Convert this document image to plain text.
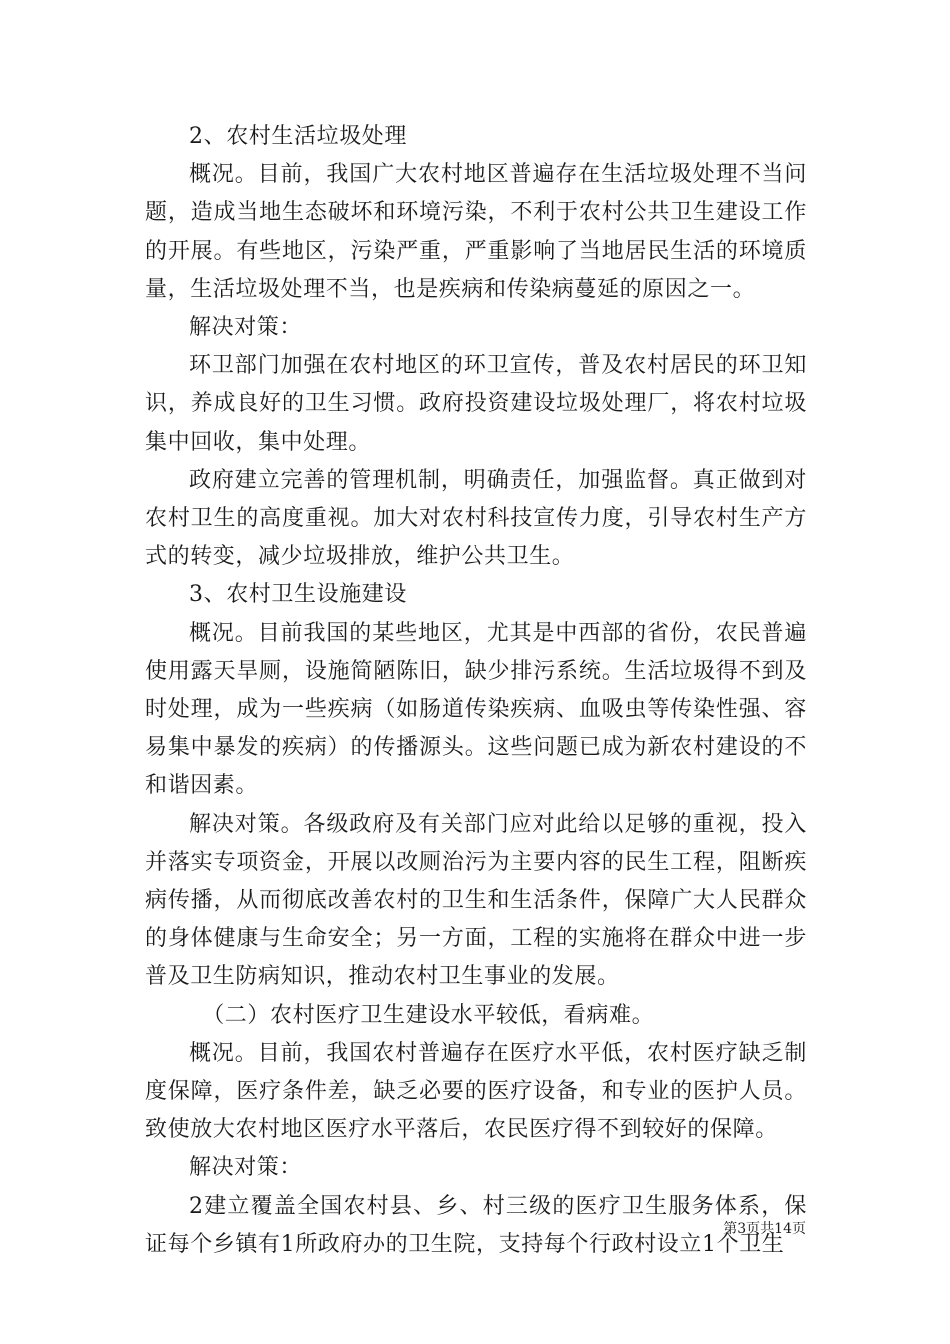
2、农村生活垃圾处理

概况。目前，我国广大农村地区普遍存在生活垃圾处理不当问题，造成当地生态破坏和环境污染，不利于农村公共卫生建设工作的开展。有些地区，污染严重，严重影响了当地居民生活的环境质量，生活垃圾处理不当，也是疾病和传染病蔓延的原因之一。

解决对策：

环卫部门加强在农村地区的环卫宣传，普及农村居民的环卫知识，养成良好的卫生习惯。政府投资建设垃圾处理厂，将农村垃圾集中回收，集中处理。

政府建立完善的管理机制，明确责任，加强监督。真正做到对农村卫生的高度重视。加大对农村科技宣传力度，引导农村生产方式的转变，减少垃圾排放，维护公共卫生。

3、农村卫生设施建设

概况。目前我国的某些地区，尤其是中西部的省份，农民普遍使用露天旱厕，设施简陋陈旧，缺少排污系统。生活垃圾得不到及时处理，成为一些疾病（如肠道传染疾病、血吸虫等传染性强、容易集中暴发的疾病）的传播源头。这些问题已成为新农村建设的不和谐因素。

解决对策。各级政府及有关部门应对此给以足够的重视，投入并落实专项资金，开展以改厕治污为主要内容的民生工程，阻断疾病传播，从而彻底改善农村的卫生和生活条件，保障广大人民群众的身体健康与生命安全；另一方面，工程的实施将在群众中进一步普及卫生防病知识，推动农村卫生事业的发展。

（二）农村医疗卫生建设水平较低，看病难。

概况。目前，我国农村普遍存在医疗水平低，农村医疗缺乏制度保障，医疗条件差，缺乏必要的医疗设备，和专业的医护人员。致使放大农村地区医疗水平落后，农民医疗得不到较好的保障。

解决对策：

2建立覆盖全国农村县、乡、村三级的医疗卫生服务体系，保证每个乡镇有1所政府办的卫生院，支持每个行政村设立1个卫生

第3页共14页
